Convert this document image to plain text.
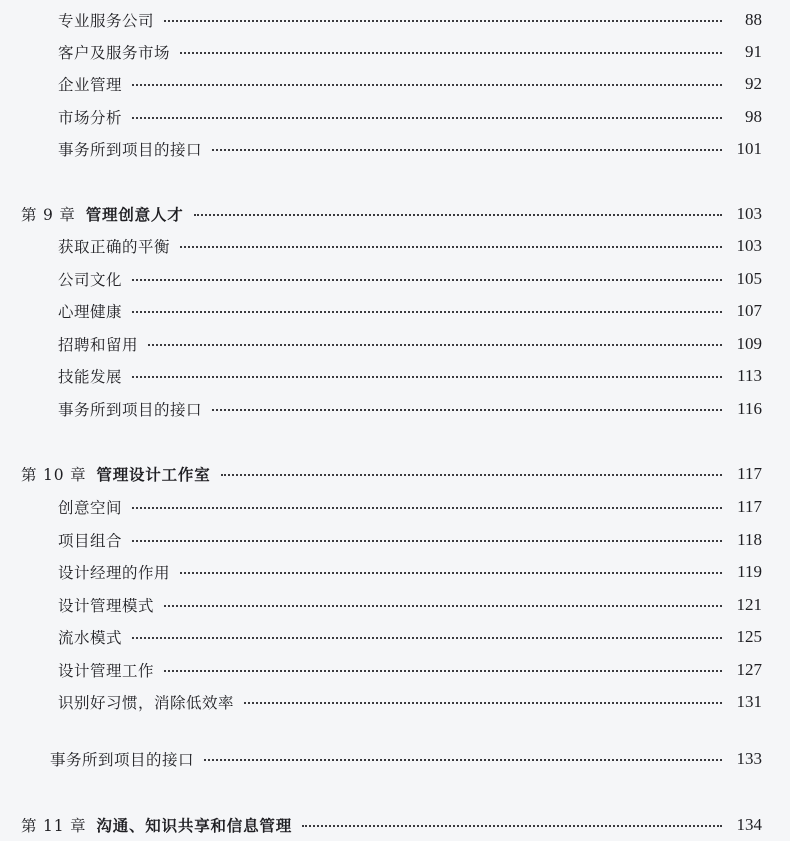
专业服务公司	88
客户及服务市场	91
企业管理	92
市场分析	98
事务所到项目的接口	101
第 9 章 管理创意人才	103
获取正确的平衡	103
公司文化	105
心理健康	107
招聘和留用	109
技能发展	113
事务所到项目的接口	116
第 10 章 管理设计工作室	117
创意空间	117
项目组合	118
设计经理的作用	119
设计管理模式	121
流水模式	125
设计管理工作	127
识别好习惯，消除低效率	131
事务所到项目的接口	133
第 11 章 沟通、知识共享和信息管理	134
